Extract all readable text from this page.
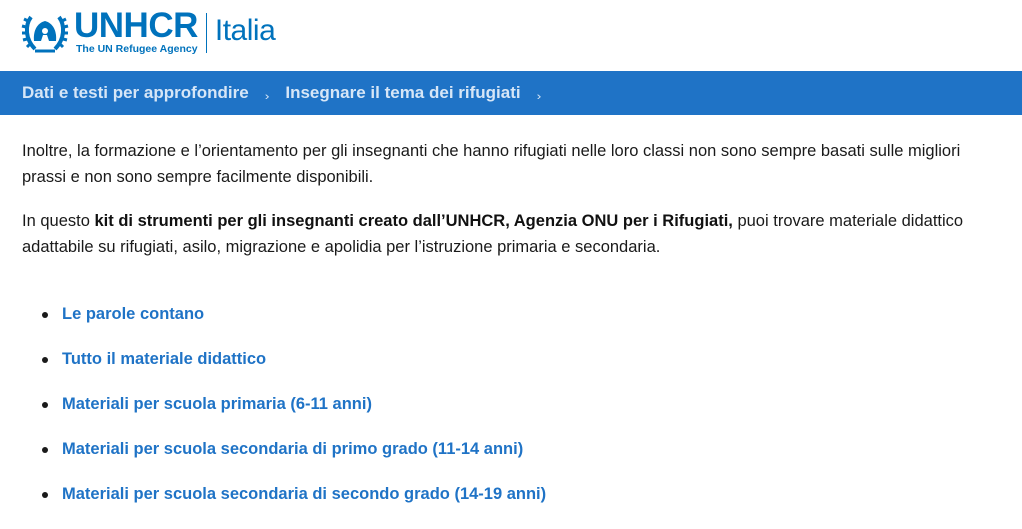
UNHCR
The UN Refugee Agency
Italia
Dati e testi per approfondire › Insegnare il tema dei rifugiati ›

Inoltre, la formazione e l’orientamento per gli insegnanti che hanno rifugiati nelle loro classi non sono sempre basati sulle migliori prassi e non sono sempre facilmente disponibili.

In questo kit di strumenti per gli insegnanti creato dall’UNHCR, Agenzia ONU per i Rifugiati, puoi trovare materiale didattico adattabile su rifugiati, asilo, migrazione e apolidia per l’istruzione primaria e secondaria.

Le parole contano
Tutto il materiale didattico
Materiali per scuola primaria (6-11 anni)
Materiali per scuola secondaria di primo grado (11-14 anni)
Materiali per scuola secondaria di secondo grado (14-19 anni)
